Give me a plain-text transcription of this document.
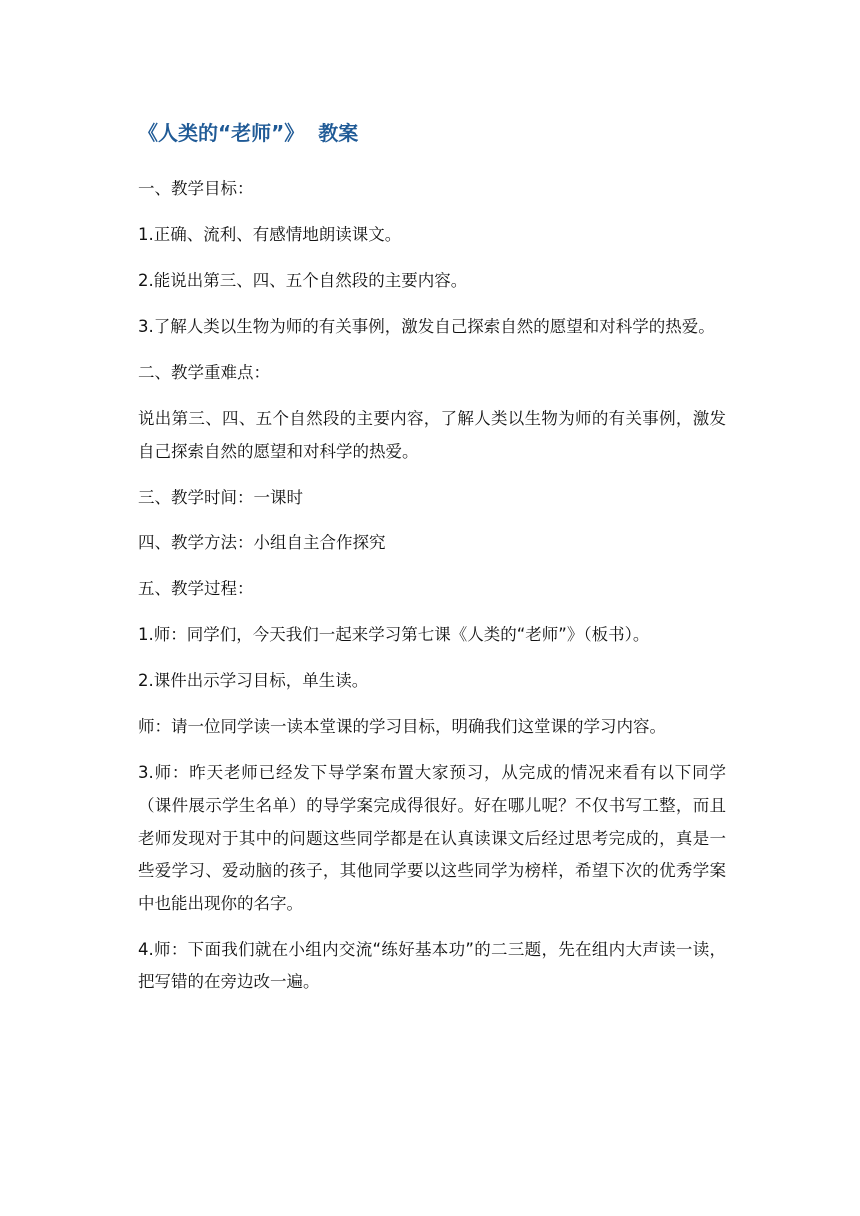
《人类的“老师”》 教案

一、教学目标：

1.正确、流利、有感情地朗读课文。

2.能说出第三、四、五个自然段的主要内容。

3.了解人类以生物为师的有关事例，激发自己探索自然的愿望和对科学的热爱。

二、教学重难点：

说出第三、四、五个自然段的主要内容，了解人类以生物为师的有关事例，激发自己探索自然的愿望和对科学的热爱。

三、教学时间：一课时

四、教学方法：小组自主合作探究

五、教学过程：

1.师：同学们，今天我们一起来学习第七课《人类的“老师”》（板书）。

2.课件出示学习目标，单生读。

师：请一位同学读一读本堂课的学习目标，明确我们这堂课的学习内容。

3.师：昨天老师已经发下导学案布置大家预习，从完成的情况来看有以下同学（课件展示学生名单）的导学案完成得很好。好在哪儿呢？不仅书写工整，而且老师发现对于其中的问题这些同学都是在认真读课文后经过思考完成的，真是一些爱学习、爱动脑的孩子，其他同学要以这些同学为榜样，希望下次的优秀学案中也能出现你的名字。

4.师：下面我们就在小组内交流“练好基本功”的二三题，先在组内大声读一读，把写错的在旁边改一遍。
